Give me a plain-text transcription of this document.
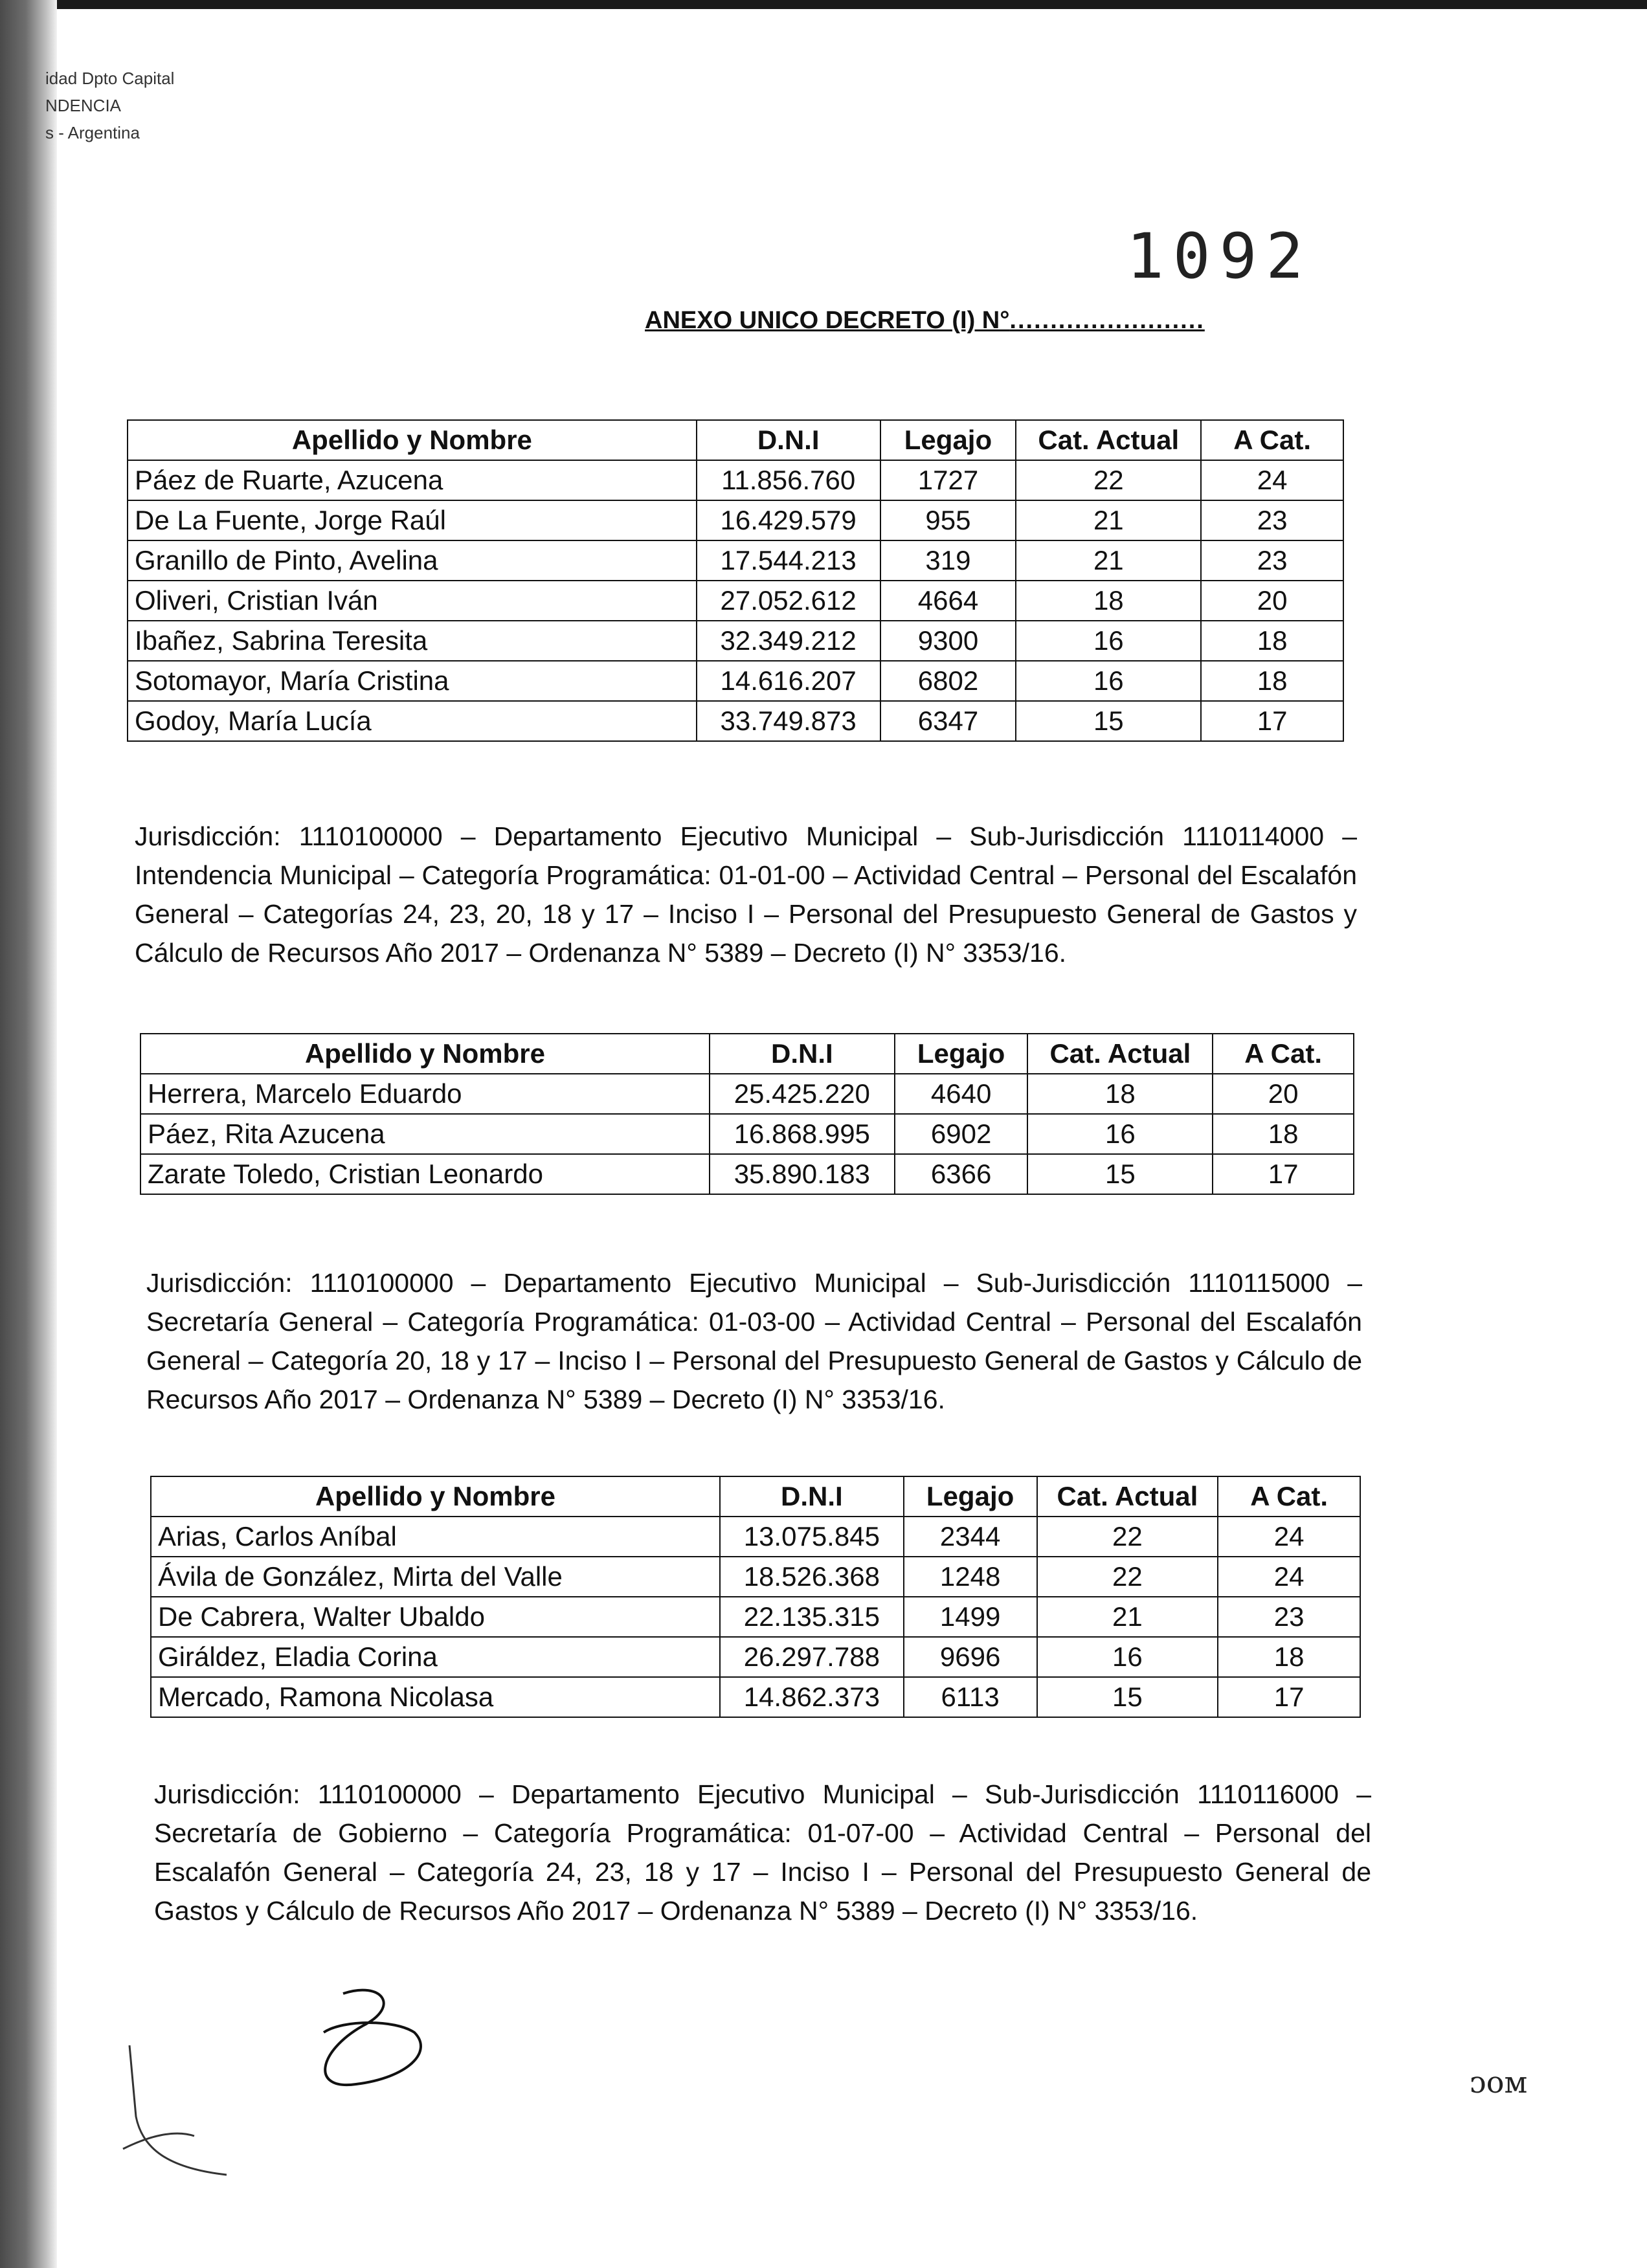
idad Dpto Capital
NDENCIA
s - Argentina
1092
ANEXO UNICO DECRETO (I) N°........................
Apellido y Nombre	D.N.I	Legajo	Cat. Actual	A Cat.
Páez de Ruarte, Azucena	11.856.760	1727	22	24
De La Fuente, Jorge Raúl	16.429.579	955	21	23
Granillo de Pinto, Avelina	17.544.213	319	21	23
Oliveri, Cristian Iván	27.052.612	4664	18	20
Ibañez, Sabrina Teresita	32.349.212	9300	16	18
Sotomayor, María Cristina	14.616.207	6802	16	18
Godoy, María Lucía	33.749.873	6347	15	17
Jurisdicción: 1110100000 – Departamento Ejecutivo Municipal – Sub-Jurisdicción 1110114000 – Intendencia Municipal – Categoría Programática: 01-01-00 – Actividad Central – Personal del Escalafón General – Categorías 24, 23, 20, 18 y 17 – Inciso I – Personal del Presupuesto General de Gastos y Cálculo de Recursos Año 2017 – Ordenanza N° 5389 – Decreto (I) N° 3353/16.
Apellido y Nombre	D.N.I	Legajo	Cat. Actual	A Cat.
Herrera, Marcelo Eduardo	25.425.220	4640	18	20
Páez, Rita Azucena	16.868.995	6902	16	18
Zarate Toledo, Cristian Leonardo	35.890.183	6366	15	17
Jurisdicción: 1110100000 – Departamento Ejecutivo Municipal – Sub-Jurisdicción 1110115000 – Secretaría General – Categoría Programática: 01-03-00 – Actividad Central – Personal del Escalafón General – Categoría 20, 18 y 17 – Inciso I – Personal del Presupuesto General de Gastos y Cálculo de Recursos Año 2017 – Ordenanza N° 5389 – Decreto (I) N° 3353/16.
Apellido y Nombre	D.N.I	Legajo	Cat. Actual	A Cat.
Arias, Carlos Aníbal	13.075.845	2344	22	24
Ávila de González, Mirta del Valle	18.526.368	1248	22	24
De Cabrera, Walter Ubaldo	22.135.315	1499	21	23
Giráldez, Eladia Corina	26.297.788	9696	16	18
Mercado, Ramona Nicolasa	14.862.373	6113	15	17
Jurisdicción: 1110100000 – Departamento Ejecutivo Municipal – Sub-Jurisdicción 1110116000 – Secretaría de Gobierno – Categoría Programática: 01-07-00 – Actividad Central – Personal del Escalafón General – Categoría 24, 23, 18 y 17 – Inciso I – Personal del Presupuesto General de Gastos y Cálculo de Recursos Año 2017 – Ordenanza N° 5389 – Decreto (I) N° 3353/16.
ᴐoᴍ
